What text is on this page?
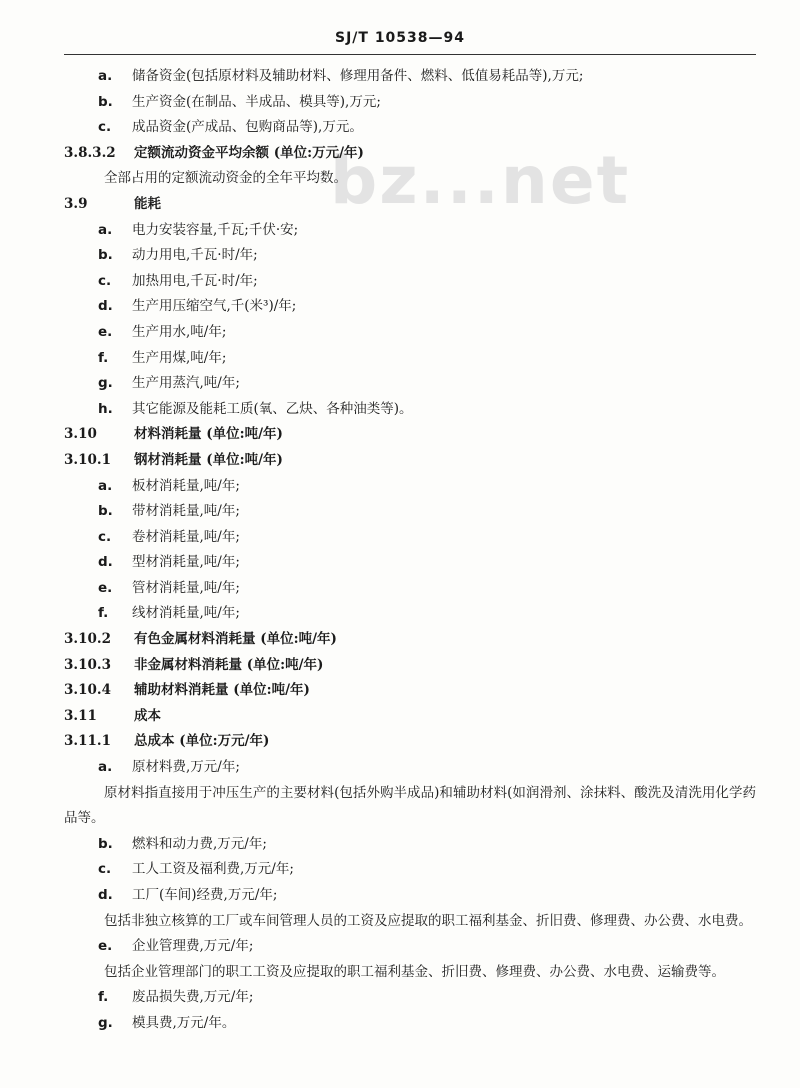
SJ/T 10538—94
bz...net
a. 储备资金(包括原材料及辅助材料、修理用备件、燃料、低值易耗品等),万元;
b. 生产资金(在制品、半成品、模具等),万元;
c. 成品资金(产成品、包购商品等),万元。
3.8.3.2 定额流动资金平均余额 (单位:万元/年)
全部占用的定额流动资金的全年平均数。
3.9	能耗
a. 电力安装容量,千瓦;千伏·安;
b. 动力用电,千瓦·时/年;
c. 加热用电,千瓦·时/年;
d. 生产用压缩空气,千(米³)/年;
e. 生产用水,吨/年;
f. 生产用煤,吨/年;
g. 生产用蒸汽,吨/年;
h. 其它能源及能耗工质(氧、乙炔、各种油类等)。
3.10	材料消耗量 (单位:吨/年)
3.10.1 钢材消耗量 (单位:吨/年)
a. 板材消耗量,吨/年;
b. 带材消耗量,吨/年;
c. 卷材消耗量,吨/年;
d. 型材消耗量,吨/年;
e. 管材消耗量,吨/年;
f. 线材消耗量,吨/年;
3.10.2 有色金属材料消耗量 (单位:吨/年)
3.10.3 非金属材料消耗量 (单位:吨/年)
3.10.4 辅助材料消耗量 (单位:吨/年)
3.11	成本
3.11.1 总成本 (单位:万元/年)
a. 原材料费,万元/年;
原材料指直接用于冲压生产的主要材料(包括外购半成品)和辅助材料(如润滑剂、涂抹料、酸洗及清洗用化学药品等。
b. 燃料和动力费,万元/年;
c. 工人工资及福利费,万元/年;
d. 工厂(车间)经费,万元/年;
包括非独立核算的工厂或车间管理人员的工资及应提取的职工福利基金、折旧费、修理费、办公费、水电费。
e. 企业管理费,万元/年;
包括企业管理部门的职工工资及应提取的职工福利基金、折旧费、修理费、办公费、水电费、运输费等。
f. 废品损失费,万元/年;
g. 模具费,万元/年。
